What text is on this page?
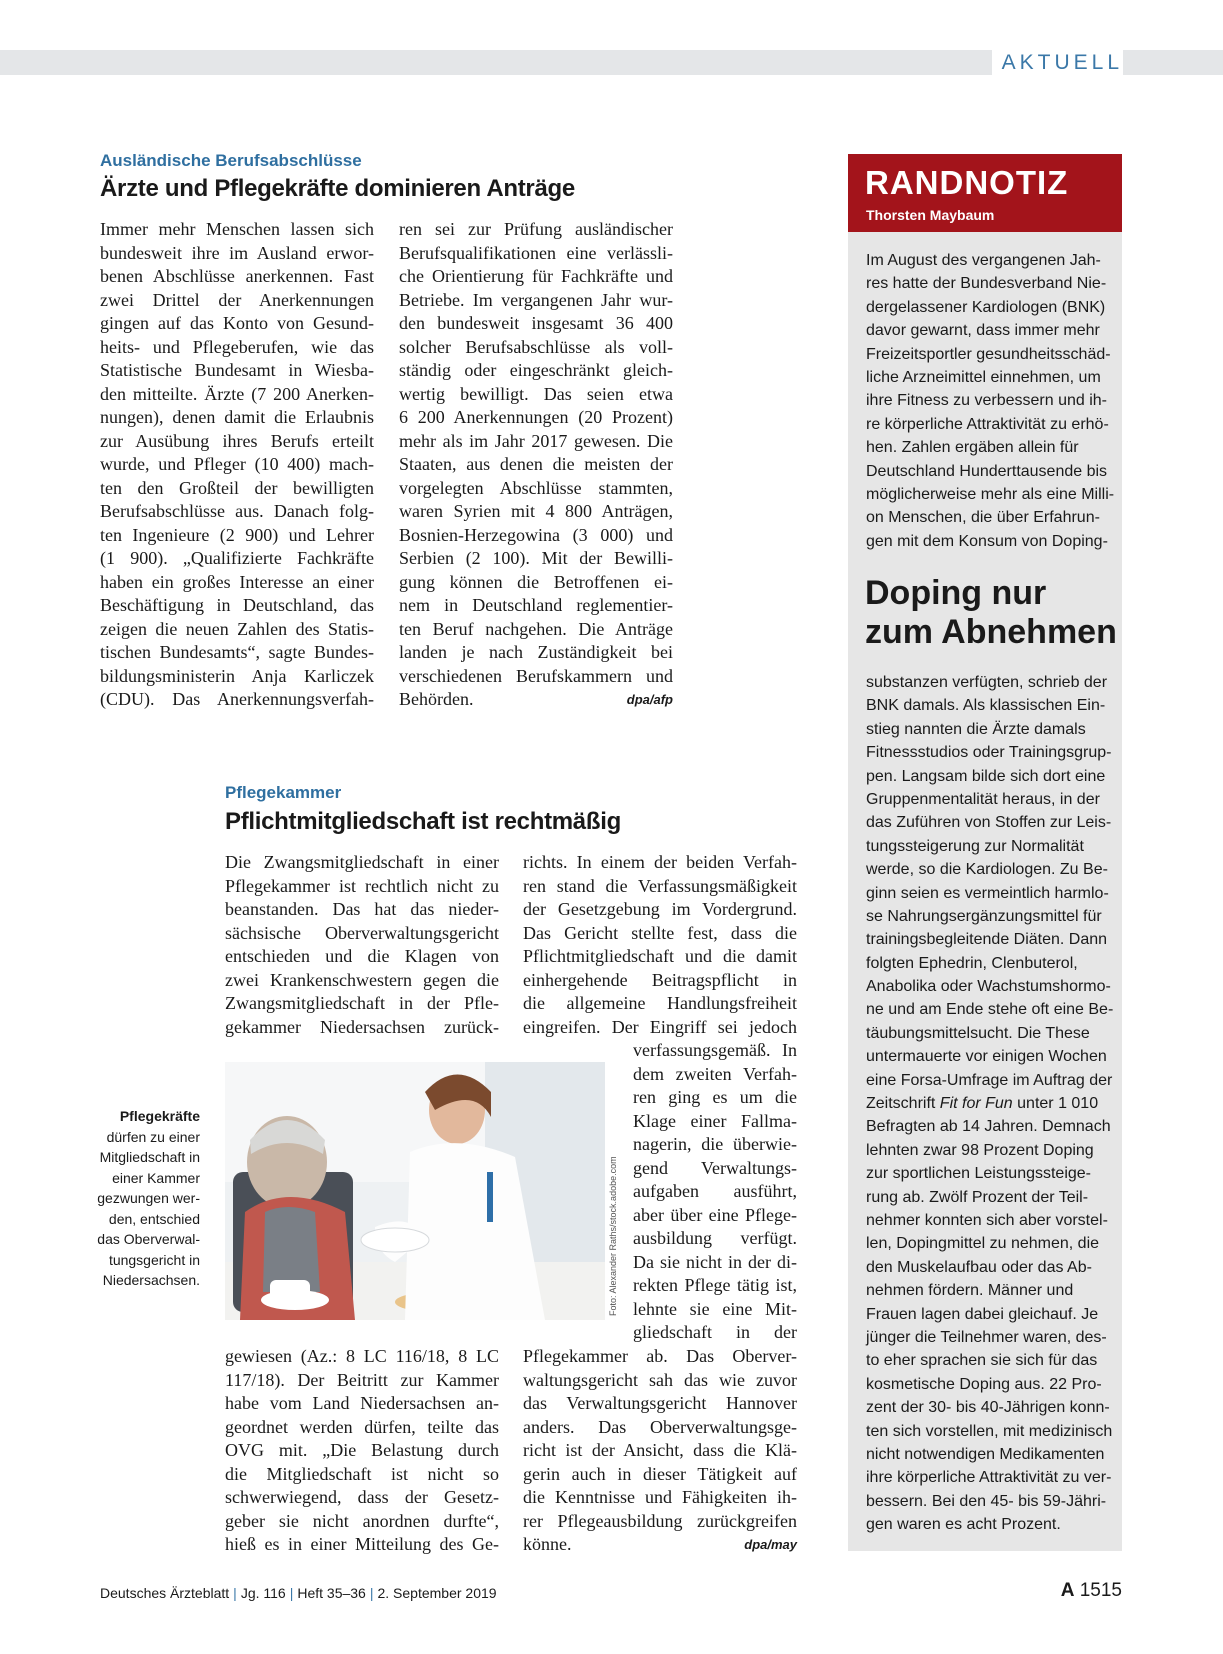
AKTUELL
Ausländische Berufsabschlüsse
Ärzte und Pflegekräfte dominieren Anträge
Immer mehr Menschen lassen sich
bundesweit ihre im Ausland erwor-
benen Abschlüsse anerkennen. Fast
zwei Drittel der Anerkennungen
gingen auf das Konto von Gesund-
heits- und Pflegeberufen, wie das
Statistische Bundesamt in Wiesba-
den mitteilte. Ärzte (7 200 Anerken-
nungen), denen damit die Erlaubnis
zur Ausübung ihres Berufs erteilt
wurde, und Pfleger (10 400) mach-
ten den Großteil der bewilligten
Berufsabschlüsse aus. Danach folg-
ten Ingenieure (2 900) und Lehrer
(1 900). „Qualifizierte Fachkräfte
haben ein großes Interesse an einer
Beschäftigung in Deutschland, das
zeigen die neuen Zahlen des Statis-
tischen Bundesamts“, sagte Bundes-
bildungsministerin Anja Karliczek
(CDU). Das Anerkennungsverfah-
ren sei zur Prüfung ausländischer
Berufsqualifikationen eine verlässli-
che Orientierung für Fachkräfte und
Betriebe. Im vergangenen Jahr wur-
den bundesweit insgesamt 36 400
solcher Berufsabschlüsse als voll-
ständig oder eingeschränkt gleich-
wertig bewilligt. Das seien etwa
6 200 Anerkennungen (20 Prozent)
mehr als im Jahr 2017 gewesen. Die
Staaten, aus denen die meisten der
vorgelegten Abschlüsse stammten,
waren Syrien mit 4 800 Anträgen,
Bosnien-Herzegowina (3 000) und
Serbien (2 100). Mit der Bewilli-
gung können die Betroffenen ei-
nem in Deutschland reglementier-
ten Beruf nachgehen. Die Anträge
landen je nach Zuständigkeit bei
verschiedenen Berufskammern und
Behörden.	dpa/afp
Pflegekammer
Pflichtmitgliedschaft ist rechtmäßig
Die Zwangsmitgliedschaft in einer
Pflegekammer ist rechtlich nicht zu
beanstanden. Das hat das nieder-
sächsische Oberverwaltungsgericht
entschieden und die Klagen von
zwei Krankenschwestern gegen die
Zwangsmitgliedschaft in der Pfle-
gekammer Niedersachsen zurück-
richts. In einem der beiden Verfah-
ren stand die Verfassungsmäßigkeit
der Gesetzgebung im Vordergrund.
Das Gericht stellte fest, dass die
Pflichtmitgliedschaft und die damit
einhergehende Beitragspflicht in
die allgemeine Handlungsfreiheit
eingreifen. Der Eingriff sei jedoch
verfassungsgemäß. In
dem zweiten Verfah-
ren ging es um die
Klage einer Fallma-
nagerin, die überwie-
gend Verwaltungs-
aufgaben ausführt,
aber über eine Pflege-
ausbildung verfügt.
Da sie nicht in der di-
rekten Pflege tätig ist,
lehnte sie eine Mit-
gliedschaft in der
gewiesen (Az.: 8 LC 116/18, 8 LC
117/18). Der Beitritt zur Kammer
habe vom Land Niedersachsen an-
geordnet werden dürfen, teilte das
OVG mit. „Die Belastung durch
die Mitgliedschaft ist nicht so
schwerwiegend, dass der Gesetz-
geber sie nicht anordnen durfte“,
hieß es in einer Mitteilung des Ge-
Pflegekammer ab. Das Oberver-
waltungsgericht sah das wie zuvor
das Verwaltungsgericht Hannover
anders. Das Oberverwaltungsge-
richt ist der Ansicht, dass die Klä-
gerin auch in dieser Tätigkeit auf
die Kenntnisse und Fähigkeiten ih-
rer Pflegeausbildung zurückgreifen
könne.	dpa/may
Foto: Alexander Raths/stock.adobe.com
Pflegekräfte
dürfen zu einer
Mitgliedschaft in
einer Kammer
gezwungen wer-
den, entschied
das Oberverwal-
tungsgericht in
Niedersachsen.
RANDNOTIZ
Thorsten Maybaum
Im August des vergangenen Jah-
res hatte der Bundesverband Nie-
dergelassener Kardiologen (BNK)
davor gewarnt, dass immer mehr
Freizeitsportler gesundheitsschäd-
liche Arzneimittel einnehmen, um
ihre Fitness zu verbessern und ih-
re körperliche Attraktivität zu erhö-
hen. Zahlen ergäben allein für
Deutschland Hunderttausende bis
möglicherweise mehr als eine Milli-
on Menschen, die über Erfahrun-
gen mit dem Konsum von Doping-
Doping nur
zum Abnehmen
substanzen verfügten, schrieb der
BNK damals. Als klassischen Ein-
stieg nannten die Ärzte damals
Fitnessstudios oder Trainingsgrup-
pen. Langsam bilde sich dort eine
Gruppenmentalität heraus, in der
das Zuführen von Stoffen zur Leis-
tungssteigerung zur Normalität
werde, so die Kardiologen. Zu Be-
ginn seien es vermeintlich harmlo-
se Nahrungsergänzungsmittel für
trainingsbegleitende Diäten. Dann
folgten Ephedrin, Clenbuterol,
Anabolika oder Wachstumshormo-
ne und am Ende stehe oft eine Be-
täubungsmittelsucht. Die These
untermauerte vor einigen Wochen
eine Forsa-Umfrage im Auftrag der
Zeitschrift Fit for Fun unter 1 010
Befragten ab 14 Jahren. Demnach
lehnten zwar 98 Prozent Doping
zur sportlichen Leistungssteige-
rung ab. Zwölf Prozent der Teil-
nehmer konnten sich aber vorstel-
len, Dopingmittel zu nehmen, die
den Muskelaufbau oder das Ab-
nehmen fördern. Männer und
Frauen lagen dabei gleichauf. Je
jünger die Teilnehmer waren, des-
to eher sprachen sie sich für das
kosmetische Doping aus. 22 Pro-
zent der 30- bis 40-Jährigen konn-
ten sich vorstellen, mit medizinisch
nicht notwendigen Medikamenten
ihre körperliche Attraktivität zu ver-
bessern. Bei den 45- bis 59-Jähri-
gen waren es acht Prozent.
Deutsches Ärzteblatt | Jg. 116 | Heft 35–36 | 2. September 2019	A 1515
